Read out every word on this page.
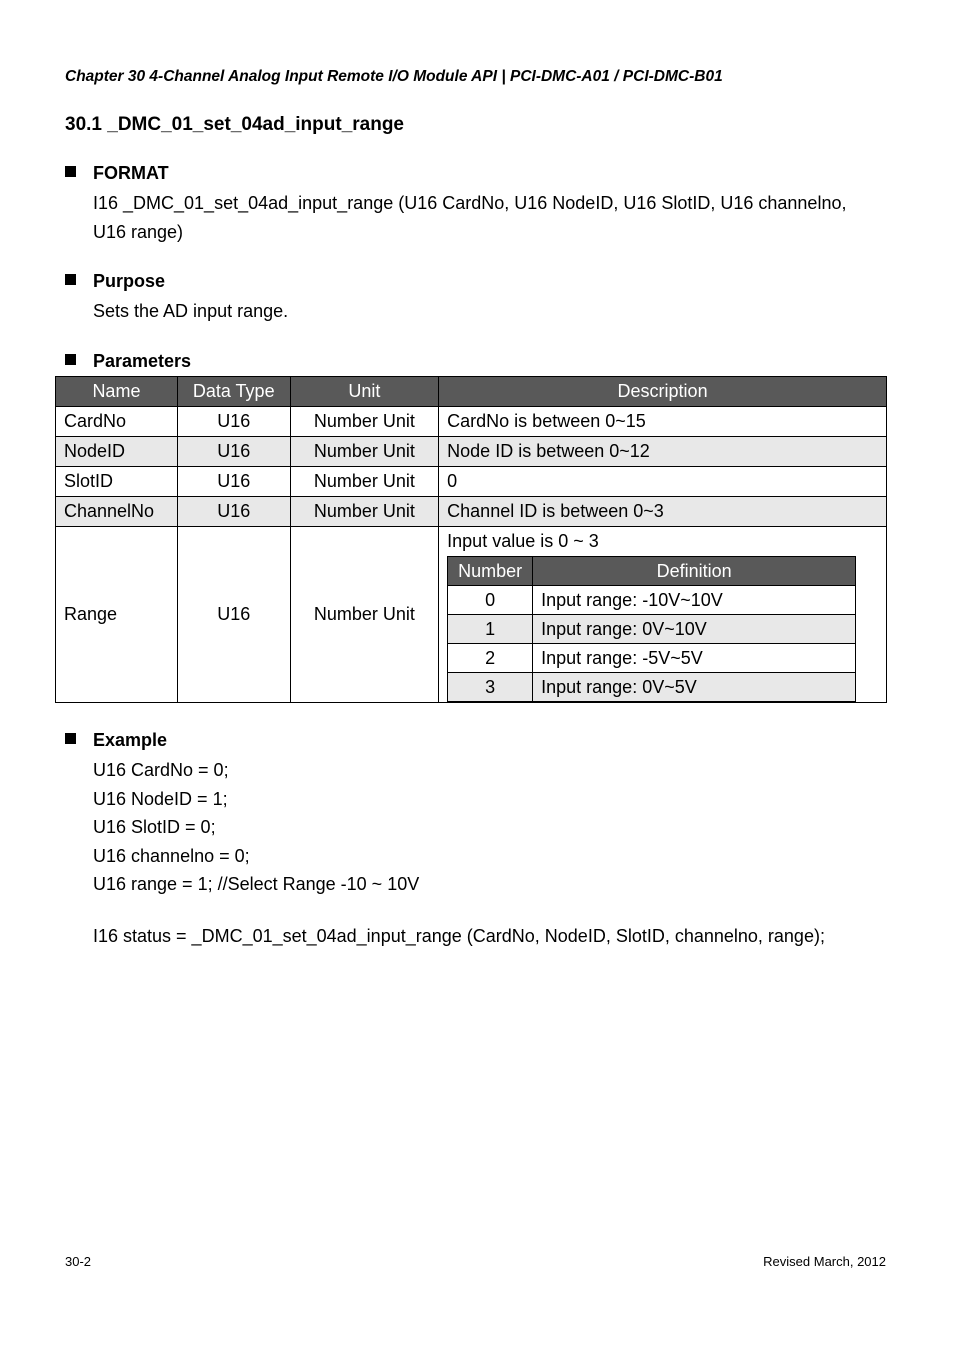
Chapter 30 4-Channel Analog Input Remote I/O Module API | PCI-DMC-A01 / PCI-DMC-B01
30.1 _DMC_01_set_04ad_input_range
FORMAT
I16 _DMC_01_set_04ad_input_range (U16 CardNo, U16 NodeID, U16 SlotID, U16 channelno,
U16 range)
Purpose
Sets the AD input range.
Parameters
Name	Data Type	Unit	Description
CardNo	U16	Number Unit	CardNo is between 0~15
NodeID	U16	Number Unit	Node ID is between 0~12
SlotID	U16	Number Unit	0
ChannelNo	U16	Number Unit	Channel ID is between 0~3
Range	U16	Number Unit	
Input value is 0 ~ 3
Number	Definition
0	Input range: -10V~10V
1	Input range: 0V~10V
2	Input range: -5V~5V
3	Input range: 0V~5V
Example
U16 CardNo = 0;
U16 NodeID = 1;
U16 SlotID = 0;
U16 channelno = 0;
U16 range = 1; //Select Range -10 ~ 10V
I16 status = _DMC_01_set_04ad_input_range (CardNo, NodeID, SlotID, channelno, range);
30-2	Revised March, 2012
